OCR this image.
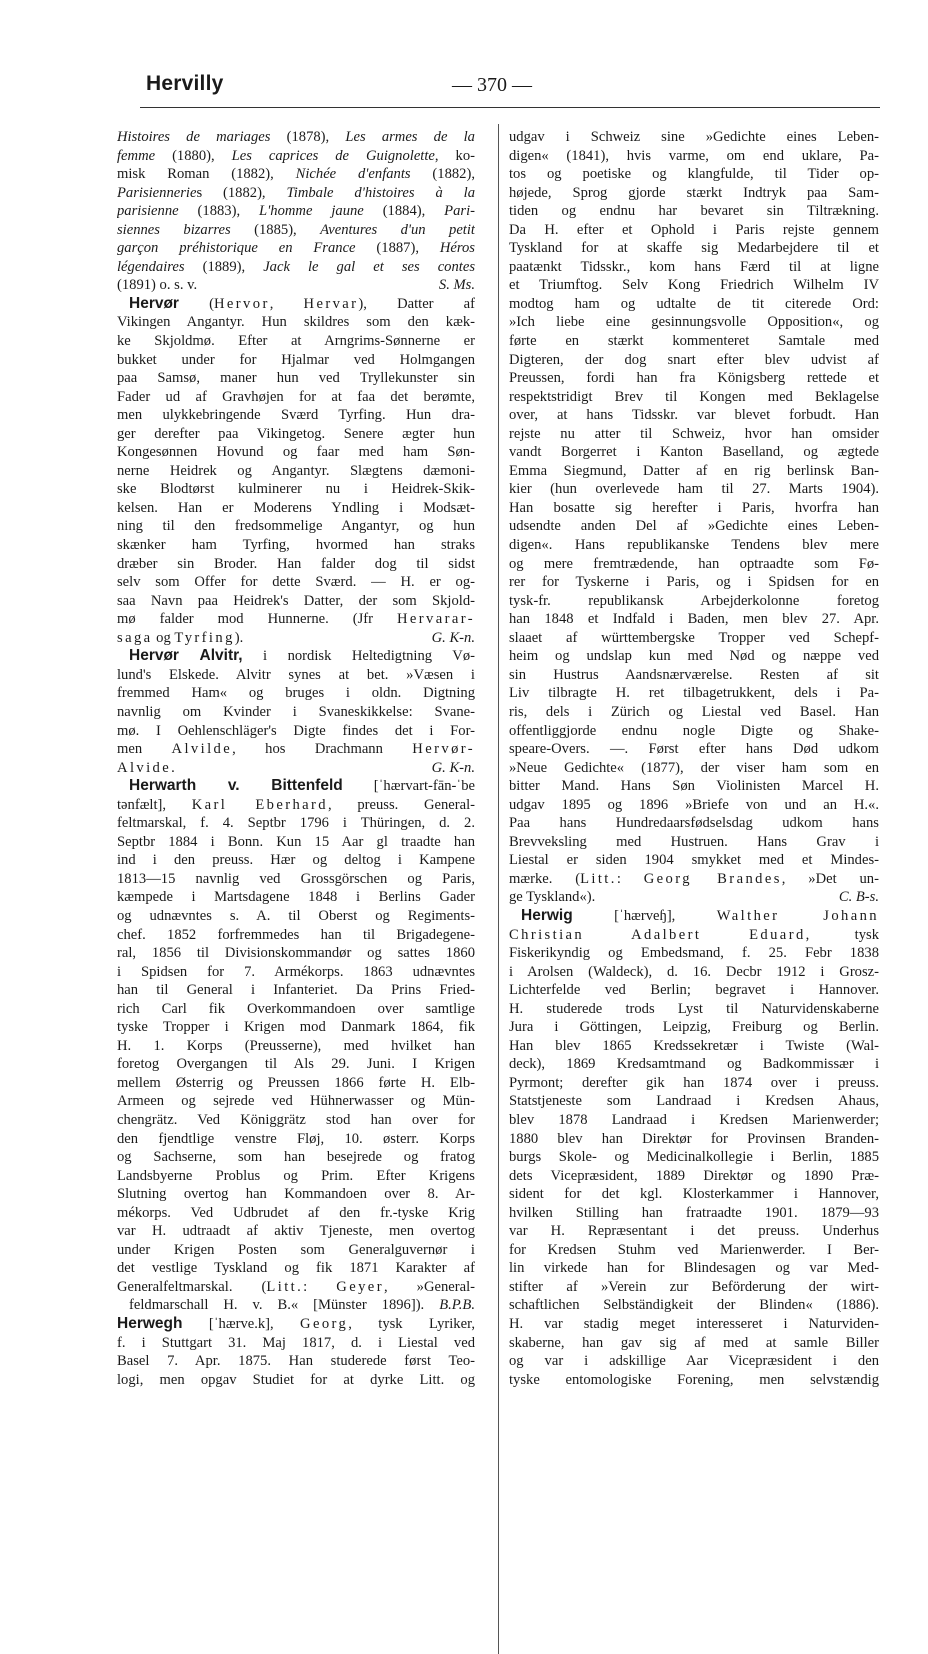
Hervilly	— 370 —
Histoires de mariages (1878), Les armes de la
femme (1880), Les caprices de Guignolette, ko-
misk Roman (1882), Nichée d'enfants (1882),
Parisienneries (1882), Timbale d'histoires à la
parisienne (1883), L'homme jaune (1884), Pari-
siennes bizarres (1885), Aventures d'un petit
garçon préhistorique en France (1887), Héros
légendaires (1889), Jack le gal et ses contes
(1891) o. s. v.	S. Ms.
Hervør (Hervor, Hervar), Datter af
Vikingen Angantyr. Hun skildres som den kæk-
ke Skjoldmø. Efter at Arngrims-Sønnerne er
bukket under for Hjalmar ved Holmgangen
paa Samsø, maner hun ved Tryllekunster sin
Fader ud af Gravhøjen for at faa det berømte,
men ulykkebringende Sværd Tyrfing. Hun dra-
ger derefter paa Vikingetog. Senere ægter hun
Kongesønnen Hovund og faar med ham Søn-
nerne Heidrek og Angantyr. Slægtens dæmoni-
ske Blodtørst kulminerer nu i Heidrek-Skik-
kelsen. Han er Moderens Yndling i Modsæt-
ning til den fredsommelige Angantyr, og hun
skænker ham Tyrfing, hvormed han straks
dræber sin Broder. Han falder dog til sidst
selv som Offer for dette Sværd. — H. er og-
saa Navn paa Heidrek's Datter, der som Skjold-
mø falder mod Hunnerne. (Jfr Hervarar-
saga og Tyrfing).	G. K-n.
Hervør Alvitr, i nordisk Heltedigtning Vø-
lund's Elskede. Alvitr synes at bet. »Væsen i
fremmed Ham« og bruges i oldn. Digtning
navnlig om Kvinder i Svaneskikkelse: Svane-
mø. I Oehlenschläger's Digte findes det i For-
men Alvilde, hos Drachmann Hervør-
Alvide.	G. K-n.
Herwarth v. Bittenfeld [ˈhærvart-fān-ˈbe
tǝnfælt], Karl Eberhard, preuss. General-
feltmarskal, f. 4. Septbr 1796 i Thüringen, d. 2.
Septbr 1884 i Bonn. Kun 15 Aar gl traadte han
ind i den preuss. Hær og deltog i Kampene
1813—15 navnlig ved Grossgörschen og Paris,
kæmpede i Martsdagene 1848 i Berlins Gader
og udnævntes s. A. til Oberst og Regiments-
chef. 1852 forfremmedes han til Brigadegene-
ral, 1856 til Divisionskommandør og sattes 1860
i Spidsen for 7. Armékorps. 1863 udnævntes
han til General i Infanteriet. Da Prins Fried-
rich Carl fik Overkommandoen over samtlige
tyske Tropper i Krigen mod Danmark 1864, fik
H. 1. Korps (Preusserne), med hvilket han
foretog Overgangen til Als 29. Juni. I Krigen
mellem Østerrig og Preussen 1866 førte H. Elb-
Armeen og sejrede ved Hühnerwasser og Mün-
chengrätz. Ved Königgrätz stod han over for
den fjendtlige venstre Fløj, 10. østerr. Korps
og Sachserne, som han besejrede og fratog
Landsbyerne Problus og Prim. Efter Krigens
Slutning overtog han Kommandoen over 8. Ar-
mékorps. Ved Udbrudet af den fr.-tyske Krig
var H. udtraadt af aktiv Tjeneste, men overtog
under Krigen Posten som Generalguvernør i
det vestlige Tyskland og fik 1871 Karakter af
Generalfeltmarskal. (Litt.: Geyer, »General-
feldmarschall H. v. B.« [Münster 1896]). B.P.B.
Herwegh [ˈhærve.k], Georg, tysk Lyriker,
f. i Stuttgart 31. Maj 1817, d. i Liestal ved
Basel 7. Apr. 1875. Han studerede først Teo-
logi, men opgav Studiet for at dyrke Litt. og
udgav i Schweiz sine »Gedichte eines Leben-
digen« (1841), hvis varme, om end uklare, Pa-
tos og poetiske og klangfulde, til Tider op-
højede, Sprog gjorde stærkt Indtryk paa Sam-
tiden og endnu har bevaret sin Tiltrækning.
Da H. efter et Ophold i Paris rejste gennem
Tyskland for at skaffe sig Medarbejdere til et
paatænkt Tidsskr., kom hans Færd til at ligne
et Triumftog. Selv Kong Friedrich Wilhelm IV
modtog ham og udtalte de tit citerede Ord:
»Ich liebe eine gesinnungsvolle Opposition«, og
førte en stærkt kommenteret Samtale med
Digteren, der dog snart efter blev udvist af
Preussen, fordi han fra Königsberg rettede et
respektstridigt Brev til Kongen med Beklagelse
over, at hans Tidsskr. var blevet forbudt. Han
rejste nu atter til Schweiz, hvor han omsider
vandt Borgerret i Kanton Baselland, og ægtede
Emma Siegmund, Datter af en rig berlinsk Ban-
kier (hun overlevede ham til 27. Marts 1904).
Han bosatte sig herefter i Paris, hvorfra han
udsendte anden Del af »Gedichte eines Leben-
digen«. Hans republikanske Tendens blev mere
og mere fremtrædende, han optraadte som Fø-
rer for Tyskerne i Paris, og i Spidsen for en
tysk-fr. republikansk Arbejderkolonne foretog
han 1848 et Indfald i Baden, men blev 27. Apr.
slaaet af württembergske Tropper ved Schepf-
heim og undslap kun med Nød og næppe ved
sin Hustrus Aandsnærværelse. Resten af sit
Liv tilbragte H. ret tilbagetrukkent, dels i Pa-
ris, dels i Zürich og Liestal ved Basel. Han
offentliggjorde endnu nogle Digte og Shake-
speare-Overs. —. Først efter hans Død udkom
»Neue Gedichte« (1877), der viser ham som en
bitter Mand. Hans Søn Violinisten Marcel H.
udgav 1895 og 1896 »Briefe von und an H.«.
Paa hans Hundredaarsfødselsdag udkom hans
Brevveksling med Hustruen. Hans Grav i
Liestal er siden 1904 smykket med et Mindes-
mærke. (Litt.: Georg Brandes, »Det un-
ge Tyskland«).	C. B-s.
Herwig [ˈhærveɧ], Walther Johann
Christian Adalbert Eduard, tysk
Fiskerikyndig og Embedsmand, f. 25. Febr 1838
i Arolsen (Waldeck), d. 16. Decbr 1912 i Grosz-
Lichterfelde ved Berlin; begravet i Hannover.
H. studerede trods Lyst til Naturvidenskaberne
Jura i Göttingen, Leipzig, Freiburg og Berlin.
Han blev 1865 Kredssekretær i Twiste (Wal-
deck), 1869 Kredsamtmand og Badkommissær i
Pyrmont; derefter gik han 1874 over i preuss.
Statstjeneste som Landraad i Kredsen Ahaus,
blev 1878 Landraad i Kredsen Marienwerder;
1880 blev han Direktør for Provinsen Branden-
burgs Skole- og Medicinalkollegie i Berlin, 1885
dets Vicepræsident, 1889 Direktør og 1890 Præ-
sident for det kgl. Klosterkammer i Hannover,
hvilken Stilling han fratraadte 1901. 1879—93
var H. Repræsentant i det preuss. Underhus
for Kredsen Stuhm ved Marienwerder. I Ber-
lin virkede han for Blindesagen og var Med-
stifter af »Verein zur Beförderung der wirt-
schaftlichen Selbständigkeit der Blinden« (1886).
H. var stadig meget interesseret i Naturviden-
skaberne, han gav sig af med at samle Biller
og var i adskillige Aar Vicepræsident i den
tyske entomologiske Forening, men selvstændig
